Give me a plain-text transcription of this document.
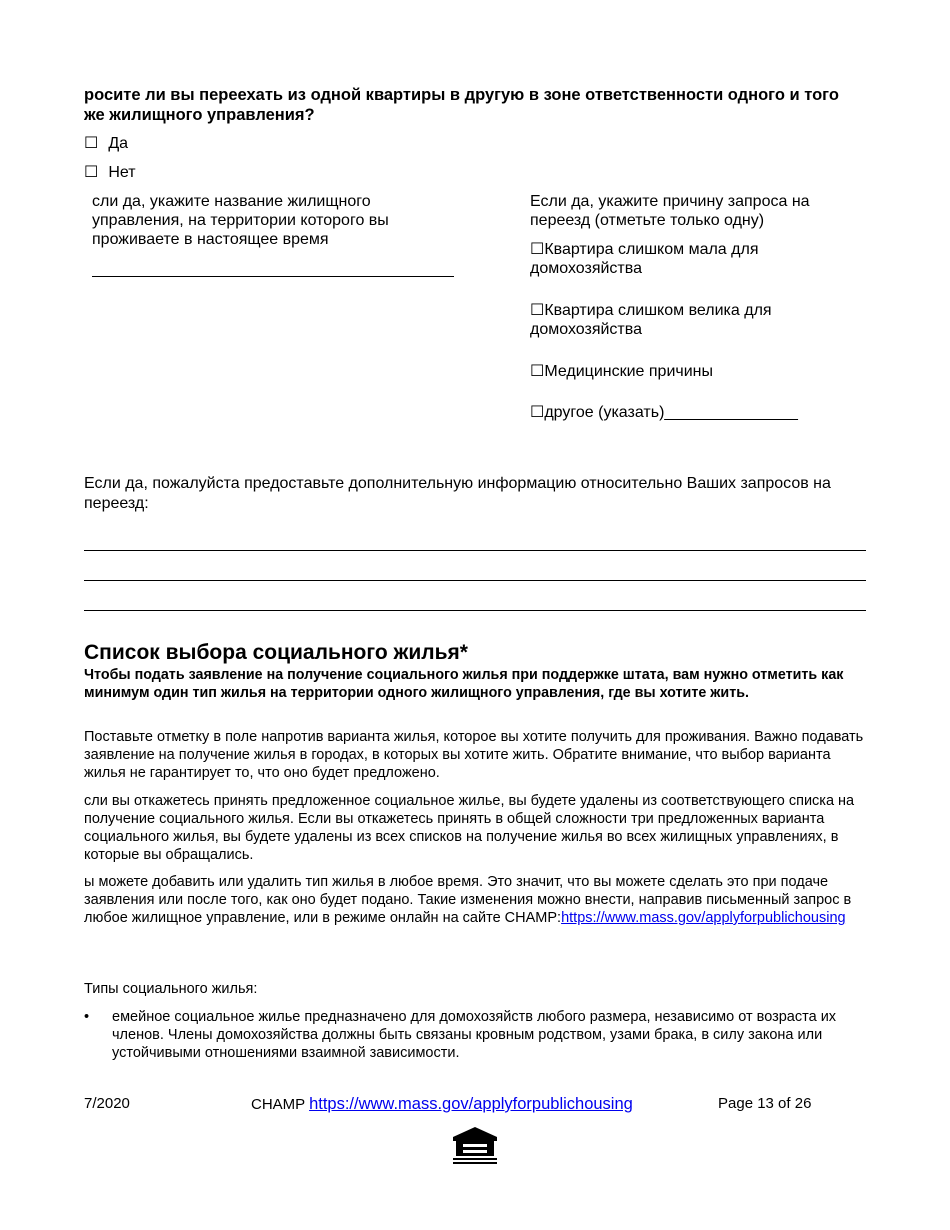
росите ли вы переехать из одной квартиры в другую в зоне ответственности одного и того же жилищного управления?
☐ Да
☐ Нет
сли да, укажите название жилищного управления, на территории которого вы проживаете в настоящее время
Если да, укажите причину запроса на переезд (отметьте только одну)
☐Квартира слишком мала для домохозяйства
☐Квартира слишком велика для домохозяйства
☐Медицинские причины
☐другое (указать)_______________
Если да, пожалуйста предоставьте дополнительную информацию относительно Ваших запросов на переезд:
Список выбора социального жилья*
Чтобы подать заявление на получение социального жилья при поддержке штата, вам нужно отметить как минимум один тип жилья на территории одного жилищного управления, где вы хотите жить.
Поставьте отметку в поле напротив варианта жилья, которое вы хотите получить для проживания. Важно подавать заявление на получение жилья в городах, в которых вы хотите жить. Обратите внимание, что выбор варианта жилья не гарантирует то, что оно будет предложено.
сли вы откажетесь принять предложенное социальное жилье, вы будете удалены из соответствующего списка на получение социального жилья. Если вы откажетесь принять в общей сложности три предложенных варианта социального жилья, вы будете удалены из всех списков на получение жилья во всех жилищных управлениях, в которые вы обращались.
ы можете добавить или удалить тип жилья в любое время. Это значит, что вы можете сделать это при подаче заявления или после того, как оно будет подано. Такие изменения можно внести, направив письменный запрос в любое жилищное управление, или в режиме онлайн на сайте CHAMP:https://www.mass.gov/applyforpublichousing
Типы социального жилья:
• емейное социальное жилье предназначено для домохозяйств любого размера, независимо от возраста их членов. Члены домохозяйства должны быть связаны кровным родством, узами брака, в силу закона или устойчивыми отношениями взаимной зависимости.
7/2020	CHAMP https://www.mass.gov/applyforpublichousing	Page 13 of 26
